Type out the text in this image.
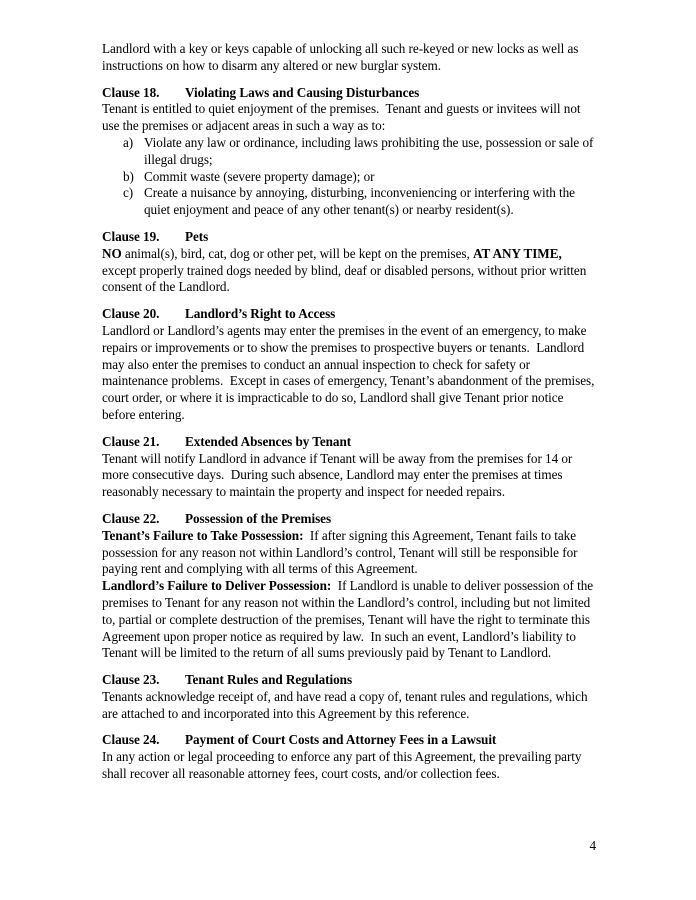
Landlord with a key or keys capable of unlocking all such re-keyed or new locks as well as instructions on how to disarm any altered or new burglar system.

Clause 18.	Violating Laws and Causing Disturbances

Tenant is entitled to quiet enjoyment of the premises.  Tenant and guests or invitees will not use the premises or adjacent areas in such a way as to:

a) Violate any law or ordinance, including laws prohibiting the use, possession or sale of illegal drugs;
b) Commit waste (severe property damage); or
c) Create a nuisance by annoying, disturbing, inconveniencing or interfering with the quiet enjoyment and peace of any other tenant(s) or nearby resident(s).
Clause 19.	Pets

NO animal(s), bird, cat, dog or other pet, will be kept on the premises, AT ANY TIME, except properly trained dogs needed by blind, deaf or disabled persons, without prior written consent of the Landlord.

Clause 20.	Landlord’s Right to Access

Landlord or Landlord’s agents may enter the premises in the event of an emergency, to make repairs or improvements or to show the premises to prospective buyers or tenants.  Landlord may also enter the premises to conduct an annual inspection to check for safety or maintenance problems.  Except in cases of emergency, Tenant’s abandonment of the premises, court order, or where it is impracticable to do so, Landlord shall give Tenant prior notice before entering.

Clause 21.	Extended Absences by Tenant

Tenant will notify Landlord in advance if Tenant will be away from the premises for 14 or more consecutive days.  During such absence, Landlord may enter the premises at times reasonably necessary to maintain the property and inspect for needed repairs.

Clause 22.	Possession of the Premises

Tenant’s Failure to Take Possession:  If after signing this Agreement, Tenant fails to take possession for any reason not within Landlord’s control, Tenant will still be responsible for paying rent and complying with all terms of this Agreement.

Landlord’s Failure to Deliver Possession:  If Landlord is unable to deliver possession of the premises to Tenant for any reason not within the Landlord’s control, including but not limited to, partial or complete destruction of the premises, Tenant will have the right to terminate this Agreement upon proper notice as required by law.  In such an event, Landlord’s liability to Tenant will be limited to the return of all sums previously paid by Tenant to Landlord.

Clause 23.	Tenant Rules and Regulations

Tenants acknowledge receipt of, and have read a copy of, tenant rules and regulations, which are attached to and incorporated into this Agreement by this reference.

Clause 24.	Payment of Court Costs and Attorney Fees in a Lawsuit

In any action or legal proceeding to enforce any part of this Agreement, the prevailing party shall recover all reasonable attorney fees, court costs, and/or collection fees.

4
